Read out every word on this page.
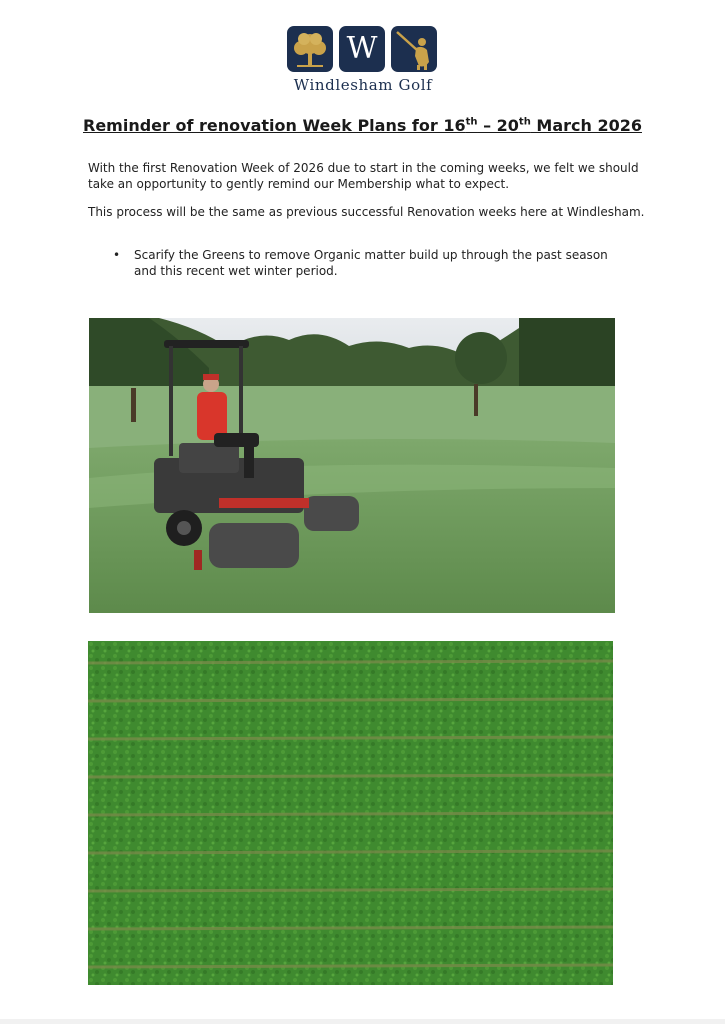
W
Windlesham Golf
Reminder of renovation Week Plans for 16th – 20th March 2026
With the first Renovation Week of 2026 due to start in the coming weeks, we felt we should take an opportunity to gently remind our Membership what to expect.
This process will be the same as previous successful Renovation weeks here at Windlesham.
•	Scarify the Greens to remove Organic matter build up through the past season and this recent wet winter period.
